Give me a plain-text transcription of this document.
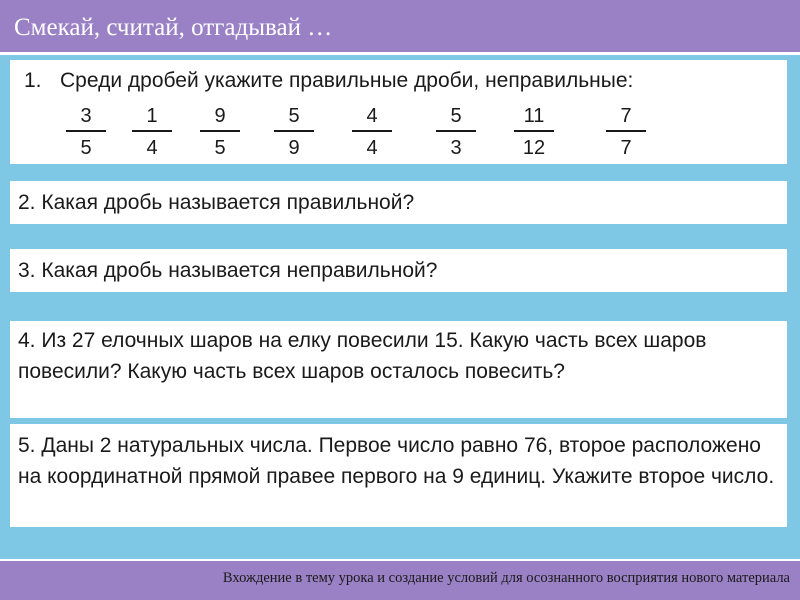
Смекай, считай, отгадывай …
1. Среди дробей укажите правильные дроби, неправильные:
3
5
1
4
9
5
5
9
4
4
5
3
11
12
7
7
2. Какая дробь называется правильной?
3. Какая дробь называется неправильной?
4. Из 27 елочных шаров на елку повесили 15. Какую часть всех шаров повесили? Какую часть всех шаров осталось повесить?
5. Даны 2 натуральных числа. Первое число равно 76, второе расположено на координатной прямой правее первого на 9 единиц. Укажите второе число.
Вхождение в тему урока и создание условий для осознанного восприятия нового материала
